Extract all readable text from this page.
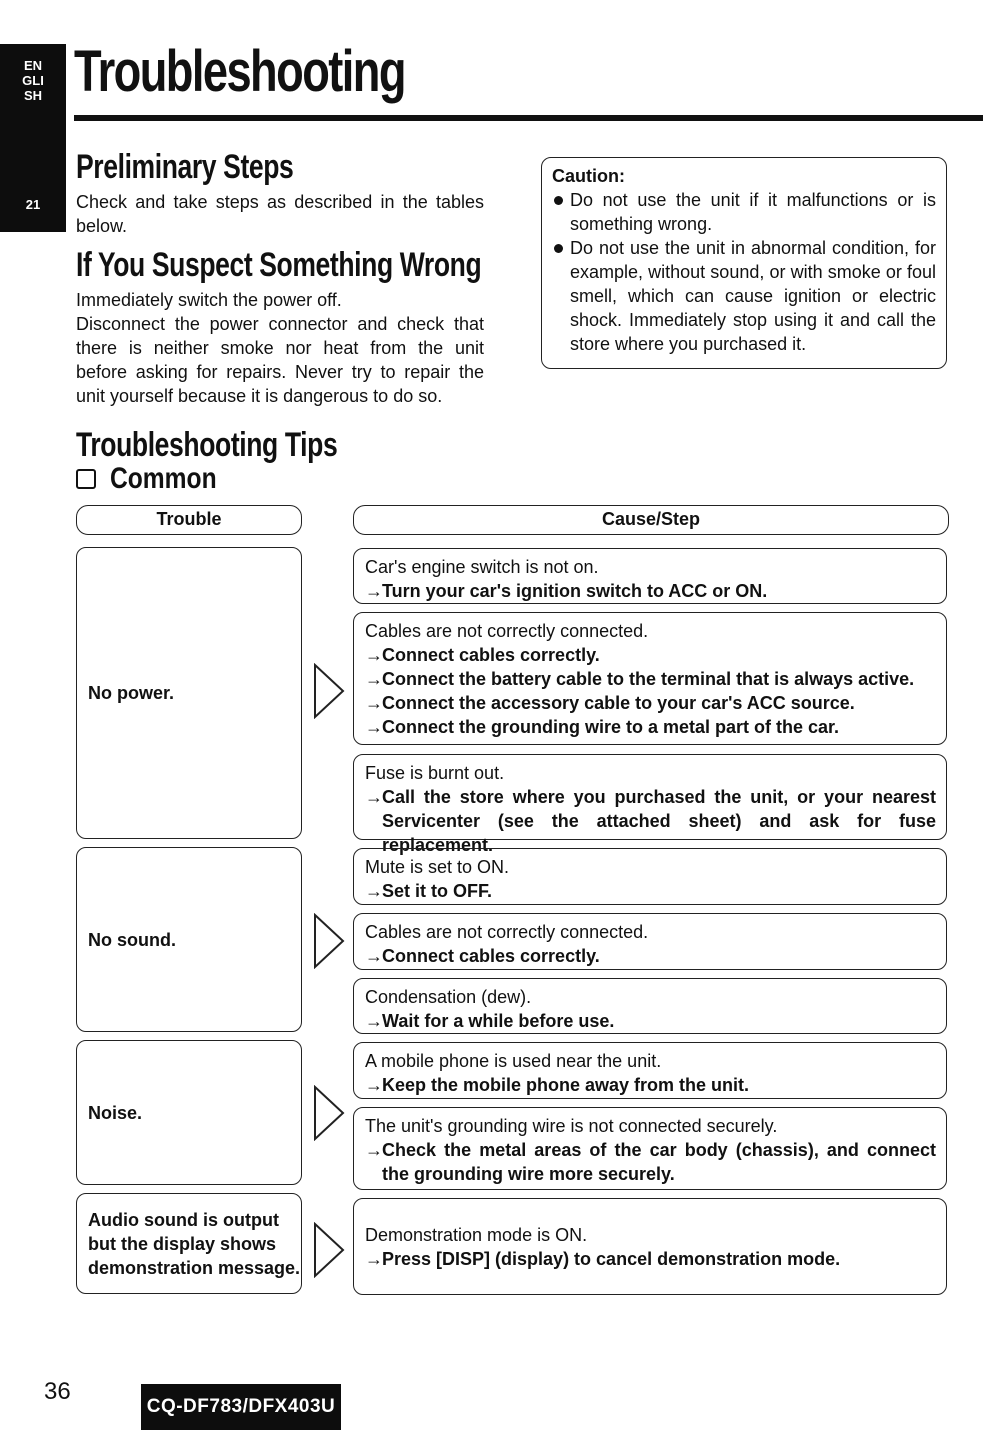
ENGLISH
21
Troubleshooting
Preliminary Steps
Check and take steps as described in the tables below.
If You Suspect Something Wrong
Immediately switch the power off.
Disconnect the power connector and check that there is neither smoke nor heat from the unit before asking for repairs. Never try to repair the unit yourself because it is dangerous to do so.
Caution:
Do not use the unit if it malfunctions or is something wrong.
Do not use the unit in abnormal condition, for example, without sound, or with smoke or foul smell, which can cause ignition or electric shock. Immediately stop using it and call the store where you purchased it.
Troubleshooting Tips
Common
Trouble	Cause/Step
No power.
No sound.
Noise.
Audio sound is output but the display shows demonstration message.
Car's engine switch is not on.
→ Turn your car's ignition switch to ACC or ON.
Cables are not correctly connected.
→ Connect cables correctly.
→ Connect the battery cable to the terminal that is always active.
→ Connect the accessory cable to your car's ACC source.
→ Connect the grounding wire to a metal part of the car.
Fuse is burnt out.
→ Call the store where you purchased the unit, or your nearest Servicenter (see the attached sheet) and ask for fuse replacement.
Mute is set to ON.
→ Set it to OFF.
Cables are not correctly connected.
→ Connect cables correctly.
Condensation (dew).
→ Wait for a while before use.
A mobile phone is used near the unit.
→ Keep the mobile phone away from the unit.
The unit's grounding wire is not connected securely.
→ Check the metal areas of the car body (chassis), and connect the grounding wire more securely.
Demonstration mode is ON.
→ Press [DISP] (display) to cancel demonstration mode.
36
CQ-DF783/DFX403U
